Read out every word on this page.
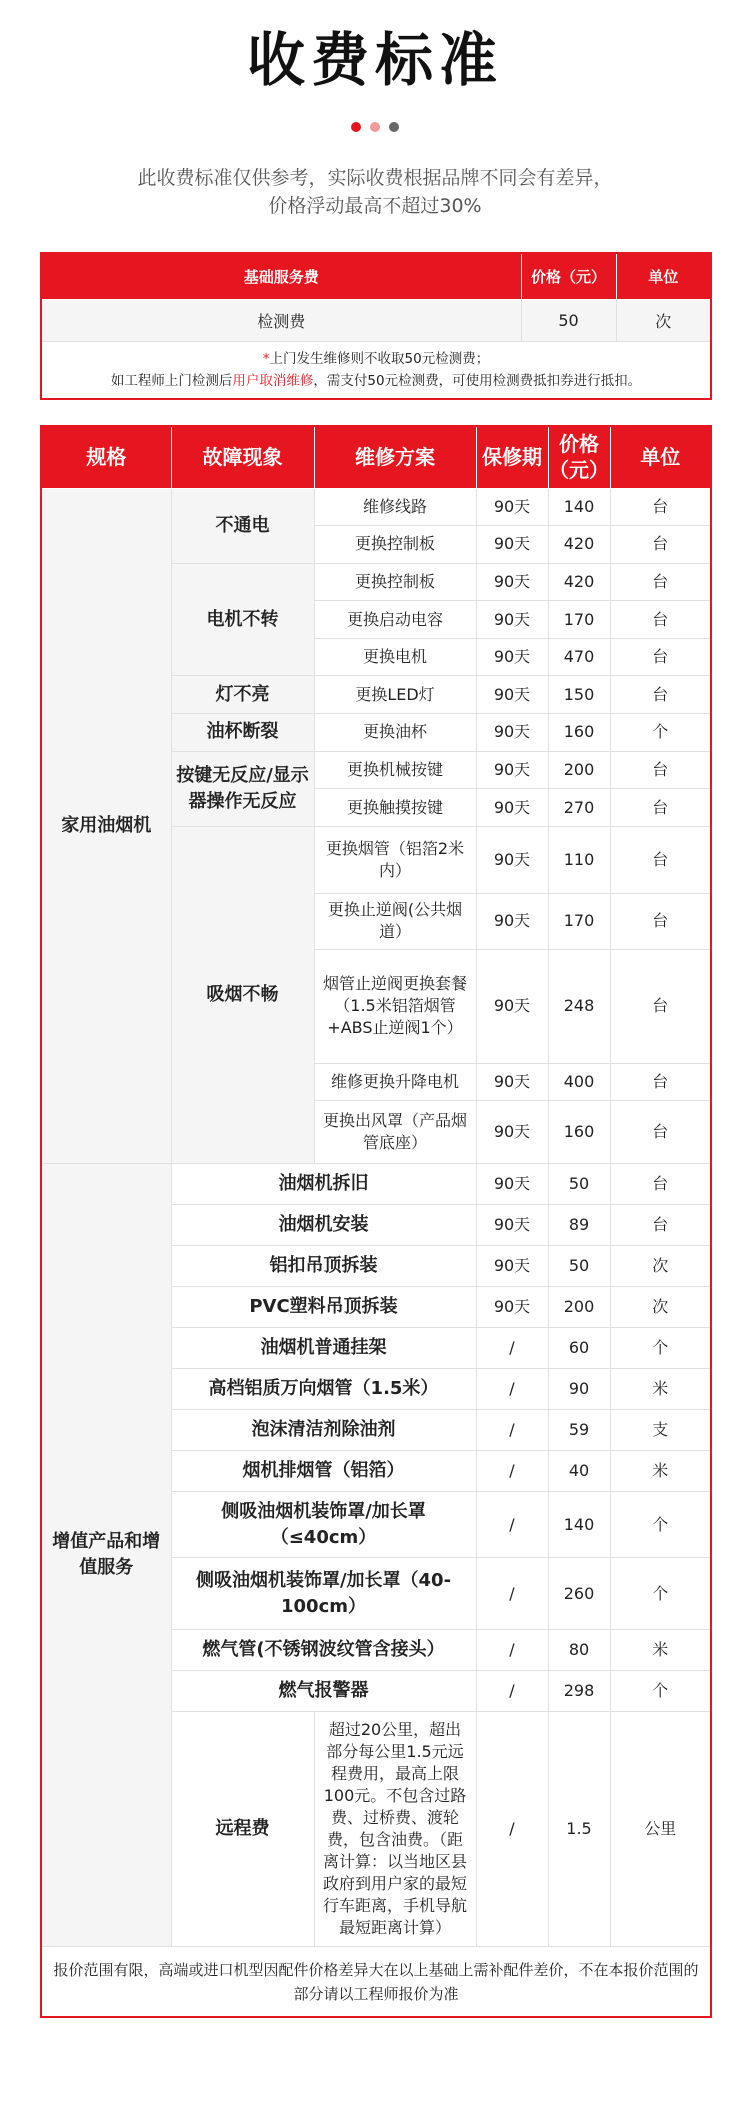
收费标准
此收费标准仅供参考，实际收费根据品牌不同会有差异，
价格浮动最高不超过30%
基础服务费	价格（元）	单位
检测费	50	次

*上门发生维修则不收取50元检测费；
如工程师上门检测后用户取消维修，需支付50元检测费，可使用检测费抵扣券进行抵扣。		
规格	故障现象	维修方案	保修期	价格（元）	单位
家用油烟机	不通电	维修线路	90天	140	台
		更换控制板	90天	420	台
	电机不转	更换控制板	90天	420	台
		更换启动电容	90天	170	台
		更换电机	90天	470	台
	灯不亮	更换LED灯	90天	150	台
	油杯断裂	更换油杯	90天	160	个
	按键无反应/显示器操作无反应	更换机械按键	90天	200	台
		更换触摸按键	90天	270	台
	吸烟不畅	更换烟管（铝箔2米内）	90天	110	台
		更换止逆阀(公共烟道）	90天	170	台
		烟管止逆阀更换套餐（1.5米铝箔烟管+ABS止逆阀1个）	90天	248	台
		维修更换升降电机	90天	400	台
		更换出风罩（产品烟管底座）	90天	160	台
增值产品和增值服务	油烟机拆旧		90天	50	台
	油烟机安装		90天	89	台
	铝扣吊顶拆装		90天	50	次
	PVC塑料吊顶拆装		90天	200	次
	油烟机普通挂架		/	60	个
	高档铝质万向烟管（1.5米）		/	90	米
	泡沫清洁剂除油剂		/	59	支
	烟机排烟管（铝箔）		/	40	米
	侧吸油烟机装饰罩/加长罩（≤40cm）		/	140	个
	侧吸油烟机装饰罩/加长罩（40-100cm）		/	260	个
	燃气管(不锈钢波纹管含接头）		/	80	米
	燃气报警器		/	298	个
	远程费	超过20公里，超出部分每公里1.5元远程费用，最高上限100元。不包含过路费、过桥费、渡轮费，包含油费。（距离计算：以当地区县政府到用户家的最短行车距离，手机导航最短距离计算）	/	1.5	公里
报价范围有限，高端或进口机型因配件价格差异大在以上基础上需补配件差价，不在本报价范围的部分请以工程师报价为准					
